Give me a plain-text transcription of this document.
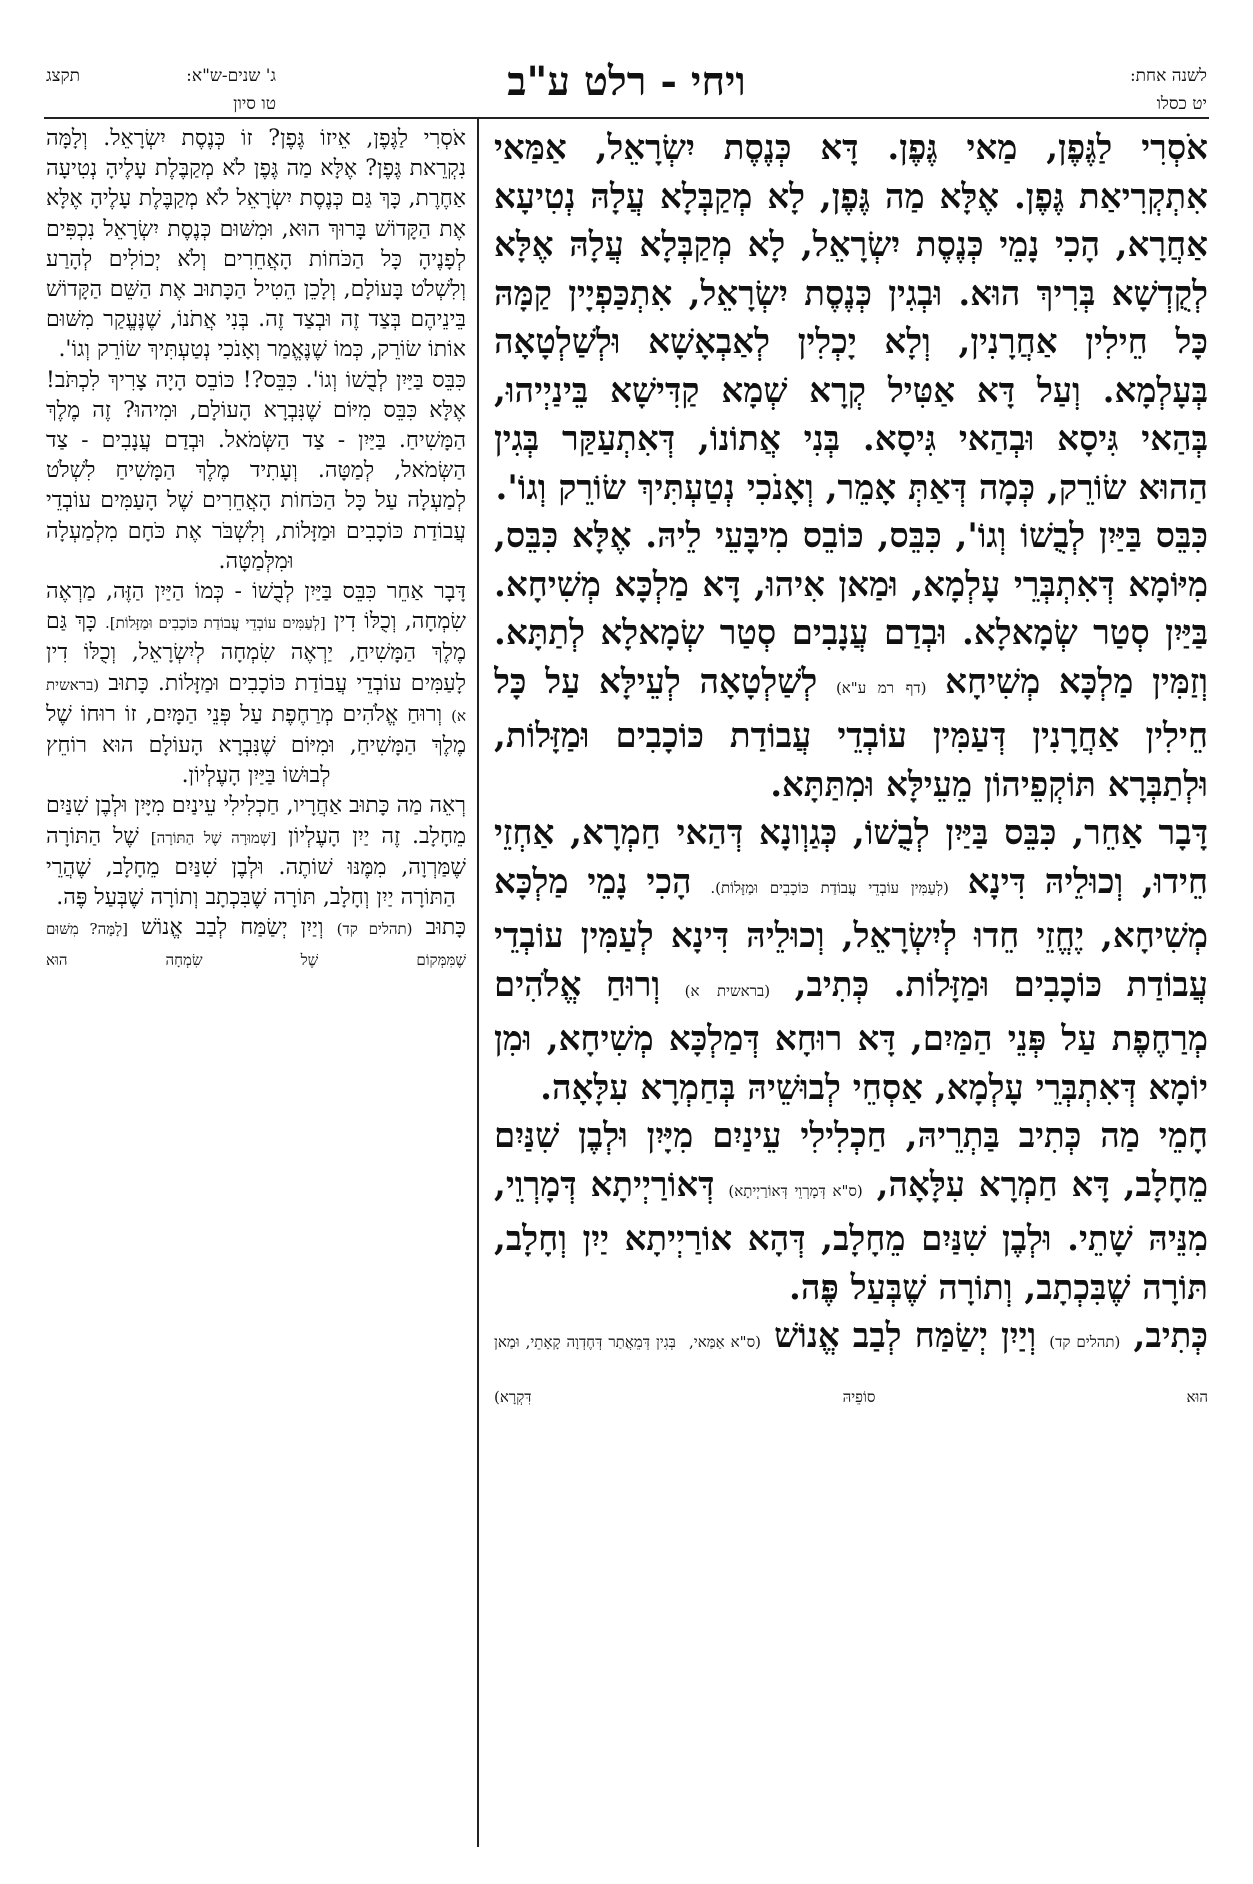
לשנה אחת:
יט כסלו
ויחי - רלט ע"ב
ג' שנים-ש"א:
תקצג
טו סיון

אֹסְרִי לַגֶּפֶן, מַאי גֶּפֶן. דָּא כְּנֶסֶת יִשְׂרָאֵל, אַמַּאי אִתְקְרִיאַת גֶּפֶן. אֶלָּא מַה גֶּפֶן, לָא מְקַבְּלָא עֲלָהּ נְטִיעָא אַחֲרָא, הָכִי נָמֵי כְּנֶסֶת יִשְׂרָאֵל, לָא מְקַבְּלָא עֲלָהּ אֶלָּא לְקֻדְשָׁא בְּרִיךְ הוּא. וּבְגִין כְּנֶסֶת יִשְׂרָאֵל, אִתְכַּפְיָין קַמָּהּ כָּל חֵילִין אַחֲרָנִין, וְלָא יָכְלִין לְאַבְאָשָׁא וּלְשַׁלְטָאָה בְּעָלְמָא. וְעַל דָּא אַטִּיל קְרָא שְׁמָא קַדִּישָׁא בֵּינַיְיהוּ, בְּהַאי גִּיסָא וּבְהַאי גִּיסָא. בְּנִי אֲתוֹנוֹ, דְּאִתְעַקַּר בְּגִין הַהוּא שׂוֹרֵק, כְּמָה דְּאַתְּ אָמֵר, וְאָנֹכִי נְטַעְתִּיךְ שׂוֹרֵק וְגוֹ'.

כִּבֵּס בַּיַּיִן לְבֻשׁוֹ וְגוֹ', כִּבֵּס, כּוֹבֵס מִיבָּעֵי לֵיהּ. אֶלָּא כִּבֵּס, מִיּוֹמָא דְּאִתְבְּרֵי עָלְמָא, וּמַאן אִיהוּ, דָּא מַלְכָּא מְשִׁיחָא. בַּיַּיִן סְטַר שְׂמָאלָא. וּבְדַם עֲנָבִים סְטַר שְׂמָאלָא לְתַתָּא. וְזַמִּין מַלְכָּא מְשִׁיחָא (דף רמ ע"א) לְשַׁלְטָאָה לְעֵילָּא עַל כָּל חֵילִין אַחֲרָנִין דְּעַמִּין עוֹבְדֵי עֲבוֹדַת כּוֹכָבִים וּמַזָּלוֹת, וּלְתַבְּרָא תּוֹקְפֵיהוֹן מֵעֵילָּא וּמִתַּתָּא.

דָּבָר אַחֵר, כִּבֵּס בַּיַּיִן לְבֻשׁוֹ, כְּגַוְונָא דְּהַאי חַמְרָא, אַחְזֵי חֵידוּ, וְכוּלֵיהּ דִּינָא (לְעַמִּין עוֹבְדֵי עֲבוֹדַת כּוֹכָבִים וּמַזָּלוֹת). הָכִי נָמֵי מַלְכָּא מְשִׁיחָא, יֶחֱזֵי חֵדוּ לְיִשְׂרָאֵל, וְכוּלֵיהּ דִּינָא לְעַמִּין עוֹבְדֵי עֲבוֹדַת כּוֹכָבִים וּמַזָּלוֹת. כְּתִיב, (בראשית א) וְרוּחַ אֱלֹהִים מְרַחֶפֶת עַל פְּנֵי הַמַּיִם, דָּא רוּחָא דְּמַלְכָּא מְשִׁיחָא, וּמִן יוֹמָא דְּאִתְבְּרֵי עָלְמָא, אַסְחֵי לְבוּשֵׁיהּ בְּחַמְרָא עִלָּאָה.

חָמֵי מַה כְּתִיב בַּתְרֵיהּ, חַכְלִילִי עֵינַיִם מִיָּיִן וּלְבֶן שִׁנַּיִם מֵחָלָב, דָּא חַמְרָא עִלָּאָה, (ס"א דְּמָרְוֵי דְּאוֹרַיְיתָא) דְּאוֹרַיְיתָא דְּמָרְוֵי, מִנֵּיהּ שָׁתֵי. וּלְבֶן שִׁנַּיִם מֵחָלָב, דְּהָא אוֹרַיְיתָא יַיִן וְחָלָב, תּוֹרָה שֶׁבִּכְתָב, וְתוֹרָה שֶׁבְּעַל פֶּה.

כְּתִיב, (תהלים קד) וְיַיִן יְשַׂמַּח לְבַב אֱנוֹשׁ (ס"א אַמַּאי, בְּגִין דְּמֵאֲתַר דְּחֶדְוָה קָאָתֵי, וּמַאן הוּא סוֹפֵיהּ דִּקְרָא)

אֹסְרִי לַגֶּפֶן, אֵיזוֹ גֶּפֶן? זוֹ כְּנֶסֶת יִשְׂרָאֵל. וְלָמָּה נִקְרֵאת גֶּפֶן? אֶלָּא מַה גֶּפֶן לֹא מְקַבֶּלֶת עָלֶיהָ נְטִיעָה אַחֶרֶת, כָּךְ גַּם כְּנֶסֶת יִשְׂרָאֵל לֹא מְקַבֶּלֶת עָלֶיהָ אֶלָּא אֶת הַקָּדוֹשׁ בָּרוּךְ הוּא, וּמִשּׁוּם כְּנֶסֶת יִשְׂרָאֵל נִכְפִּים לְפָנֶיהָ כָּל הַכֹּחוֹת הָאֲחֵרִים וְלֹא יְכוֹלִים לְהָרַע וְלִשְׁלֹט בָּעוֹלָם, וְלָכֵן הֵטִיל הַכָּתוּב אֶת הַשֵּׁם הַקָּדוֹשׁ בֵּינֵיהֶם בְּצַד זֶה וּבְצַד זֶה. בְּנִי אֲתֹנוֹ, שֶׁנֶּעֱקַר מִשּׁוּם אוֹתוֹ שׂוֹרֵק, כְּמוֹ שֶׁנֶּאֱמַר וְאָנֹכִי נְטַעְתִּיךְ שׂוֹרֵק וְגוֹ'.

כִּבֵּס בַּיַּיִן לְבֻשׁוֹ וְגוֹ'. כִּבֵּס?! כּוֹבֵס הָיָה צָרִיךְ לִכְתֹּב! אֶלָּא כִּבֵּס מִיּוֹם שֶׁנִּבְרָא הָעוֹלָם, וּמִיהוּ? זֶה מֶלֶךְ הַמָּשִׁיחַ. בַּיַּיִן - צַד הַשְּׂמֹאל. וּבְדַם עֲנָבִים - צַד הַשְּׂמֹאל, לְמַטָּה. וְעָתִיד מֶלֶךְ הַמָּשִׁיחַ לִשְׁלֹט לְמַעְלָה עַל כָּל הַכֹּחוֹת הָאֲחֵרִים שֶׁל הָעַמִּים עוֹבְדֵי עֲבוֹדַת כּוֹכָבִים וּמַזָּלוֹת, וְלִשְׁבֹּר אֶת כֹּחָם מִלְמַעְלָה וּמִלְּמַטָּה.

דָּבָר אַחֵר כִּבֵּס בַּיַּיִן לְבֻשׁוֹ - כְּמוֹ הַיַּיִן הַזֶּה, מַרְאֶה שִׂמְחָה, וְכֻלּוֹ דִין [לְעַמִּים עוֹבְדֵי עֲבוֹדַת כּוֹכָבִים וּמַזָּלוֹת]. כָּךְ גַּם מֶלֶךְ הַמָּשִׁיחַ, יַרְאֶה שִׂמְחָה לְיִשְׂרָאֵל, וְכֻלּוֹ דִין לָעַמִּים עוֹבְדֵי עֲבוֹדַת כּוֹכָבִים וּמַזָּלוֹת. כָּתוּב (בראשית א) וְרוּחַ אֱלֹהִים מְרַחֶפֶת עַל פְּנֵי הַמָּיִם, זוֹ רוּחוֹ שֶׁל מֶלֶךְ הַמָּשִׁיחַ, וּמִיּוֹם שֶׁנִּבְרָא הָעוֹלָם הוּא רוֹחֵץ לְבוּשׁוֹ בַּיַּיִן הָעֶלְיוֹן.

רְאֵה מַה כָּתוּב אַחֲרָיו, חַכְלִילִי עֵינַיִם מִיָּיִן וּלְבֶן שִׁנַּיִם מֵחָלָב. זֶה יַיִן הָעֶלְיוֹן [שְׁמוּרָה שֶׁל הַתּוֹרָה] שֶׁל הַתּוֹרָה שֶׁמַּרְוָה, מִמֶּנּוּ שׁוֹתֶה. וּלְבֶן שִׁנַּיִם מֵחָלָב, שֶׁהֲרֵי הַתּוֹרָה יַיִן וְחָלָב, תּוֹרָה שֶׁבִּכְתָב וְתוֹרָה שֶׁבְּעַל פֶּה.

כָּתוּב (תהלים קד) וְיַיִן יְשַׂמַּח לְבַב אֱנוֹשׁ [לָמָּה? מִשּׁוּם שֶׁמִּמְּקוֹם שֶׁל שִׂמְחָה הוּא
